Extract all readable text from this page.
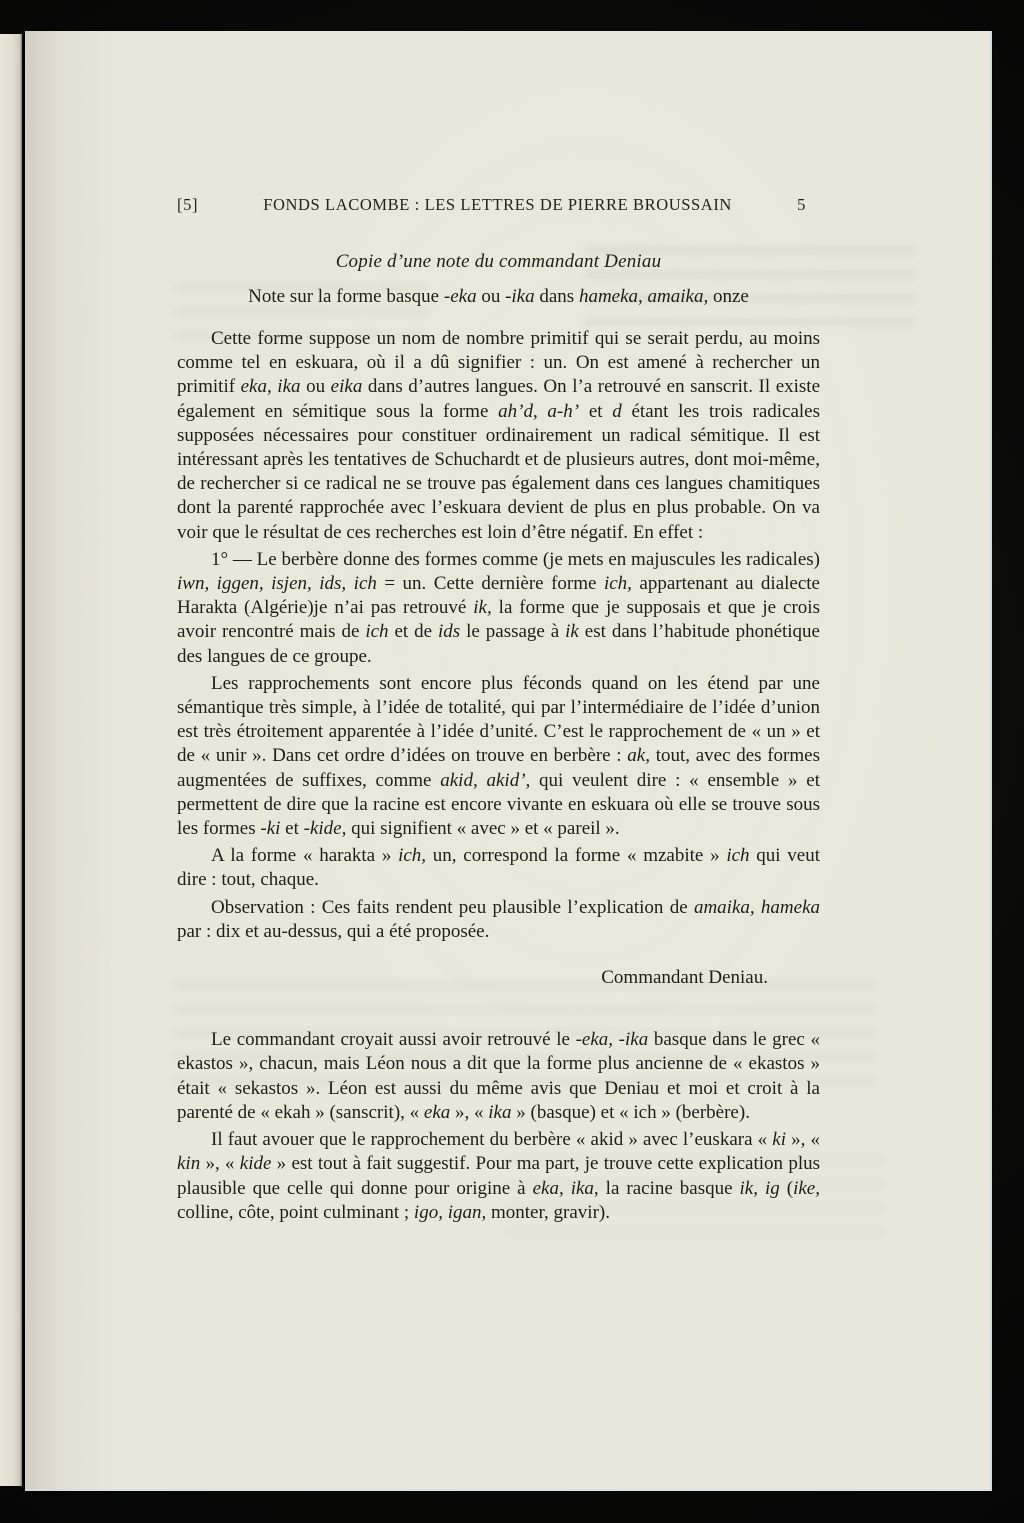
[5]	FONDS LACOMBE : LES LETTRES DE PIERRE BROUSSAIN	5
Copie d’une note du commandant Deniau
Note sur la forme basque -eka ou -ika dans hameka, amaika, onze

Cette forme suppose un nom de nombre primitif qui se serait perdu, au moins comme tel en eskuara, où il a dû signifier : un. On est amené à rechercher un primitif eka, ika ou eika dans d’autres langues. On l’a retrouvé en sanscrit. Il existe également en sémitique sous la forme ah’d, a-h’ et d étant les trois radicales supposées nécessaires pour constituer ordinairement un radical sémitique. Il est intéressant après les tentatives de Schuchardt et de plusieurs autres, dont moi-même, de rechercher si ce radical ne se trouve pas également dans ces langues chamitiques dont la parenté rapprochée avec l’eskuara devient de plus en plus probable. On va voir que le résultat de ces recherches est loin d’être négatif. En effet :

1° — Le berbère donne des formes comme (je mets en majuscules les radicales) iwn, iggen, isjen, ids, ich = un. Cette dernière forme ich, appartenant au dialecte Harakta (Algérie)je n’ai pas retrouvé ik, la forme que je supposais et que je crois avoir rencontré mais de ich et de ids le passage à ik est dans l’habitude phonétique des langues de ce groupe.

Les rapprochements sont encore plus féconds quand on les étend par une sémantique très simple, à l’idée de totalité, qui par l’intermédiaire de l’idée d’union est très étroitement apparentée à l’idée d’unité. C’est le rapprochement de « un » et de « unir ». Dans cet ordre d’idées on trouve en berbère : ak, tout, avec des formes augmentées de suffixes, comme akid, akid’, qui veulent dire : « ensemble » et permettent de dire que la racine est encore vivante en eskuara où elle se trouve sous les formes -ki et -kide, qui signifient « avec » et « pareil ».

A la forme « harakta » ich, un, correspond la forme « mzabite » ich qui veut dire : tout, chaque.

Observation : Ces faits rendent peu plausible l’explication de amaika, hameka par : dix et au-dessus, qui a été proposée.

Commandant Deniau.

Le commandant croyait aussi avoir retrouvé le -eka, -ika basque dans le grec « ekastos », chacun, mais Léon nous a dit que la forme plus ancienne de « ekastos » était « sekastos ». Léon est aussi du même avis que Deniau et moi et croit à la parenté de « ekah » (sanscrit), « eka », « ika » (basque) et « ich » (berbère).

Il faut avouer que le rapprochement du berbère « akid » avec l’euskara « ki », « kin », « kide » est tout à fait suggestif. Pour ma part, je trouve cette explication plus plausible que celle qui donne pour origine à eka, ika, la racine basque ik, ig (ike, colline, côte, point culminant ; igo, igan, monter, gravir).
